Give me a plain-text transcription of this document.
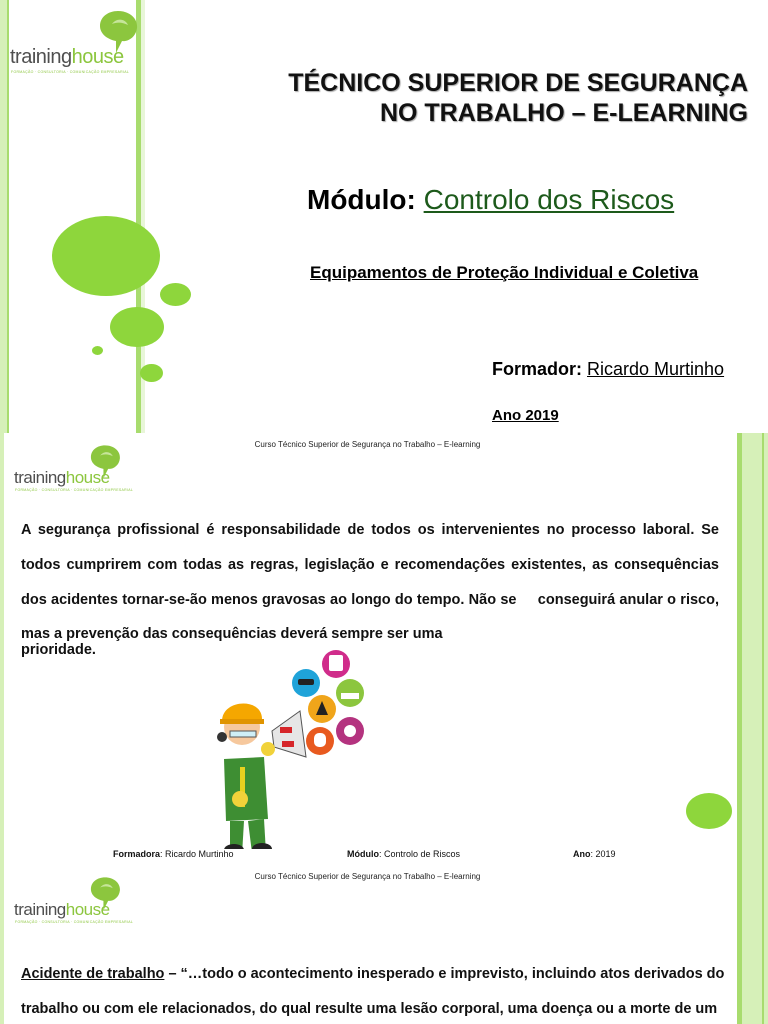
traininghouse
FORMAÇÃO · CONSULTORIA · COMUNICAÇÃO EMPRESARIAL	TÉCNICO SUPERIOR DE SEGURANÇA
NO TRABALHO – E-LEARNING
Módulo: Controlo dos Riscos
Equipamentos de Proteção Individual e Coletiva
Formador: Ricardo Murtinho
Ano 2019
Curso Técnico Superior de Segurança no Trabalho – E-learning
traininghouse
FORMAÇÃO · CONSULTORIA · COMUNICAÇÃO EMPRESARIAL
A segurança profissional é responsabilidade de todos os intervenientes no processo laboral. Se
todos cumprirem com todas as regras, legislação e recomendações existentes, as consequências
dos acidentes tornar-se-ão menos gravosas ao longo do tempo. Não se     conseguirá anular o risco,
mas a prevenção das consequências deverá sempre ser uma
prioridade.
Formadora: Ricardo Murtinho	Módulo: Controlo de Riscos	Ano: 2019
Curso Técnico Superior de Segurança no Trabalho – E-learning
traininghouse
FORMAÇÃO · CONSULTORIA · COMUNICAÇÃO EMPRESARIAL
Acidente de trabalho – “…todo o acontecimento inesperado e imprevisto, incluindo atos derivados do
trabalho ou com ele relacionados, do qual resulte uma lesão corporal, uma doença ou a morte de um
